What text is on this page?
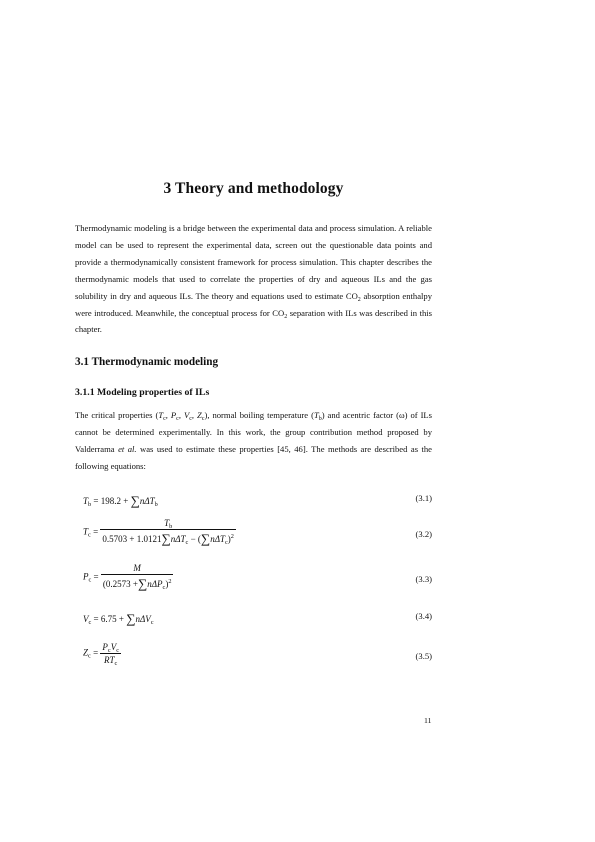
3 Theory and methodology

Thermodynamic modeling is a bridge between the experimental data and process simulation. A reliable model can be used to represent the experimental data, screen out the questionable data points and provide a thermodynamically consistent framework for process simulation. This chapter describes the thermodynamic models that used to correlate the properties of dry and aqueous ILs and the gas solubility in dry and aqueous ILs. The theory and equations used to estimate $CO_2$ absorption enthalpy were introduced. Meanwhile, the conceptual process for $CO_2$ separation with ILs was described in this chapter.

3.1 Thermodynamic modeling
3.1.1 Modeling properties of ILs

The critical properties ($T_c$, $P_c$, $V_c$, $Z_c$), normal boiling temperature $(T_b)$ and acentric factor (ω) of ILs cannot be determined experimentally. In this work, the group contribution method proposed by Valderrama et al. was used to estimate these properties [45, 46]. The methods are described as the following equations:

$T_b = 198.2 + \sum n\Delta T_b$
(3.1)
$T_c = \frac{T_b}{0.5703 + 1.0121\sum n\Delta T_c - (\sum n\Delta T_c)^2}$	(3.2)
$P_c = \frac{M}{(0.2573 +\sum n\Delta P_c)^2}$	(3.3)
$V_c = 6.75 + \sum n\Delta V_c$
(3.4)
$Z_c = \frac{P_cV_c}{RT_c}$	(3.5)
11
